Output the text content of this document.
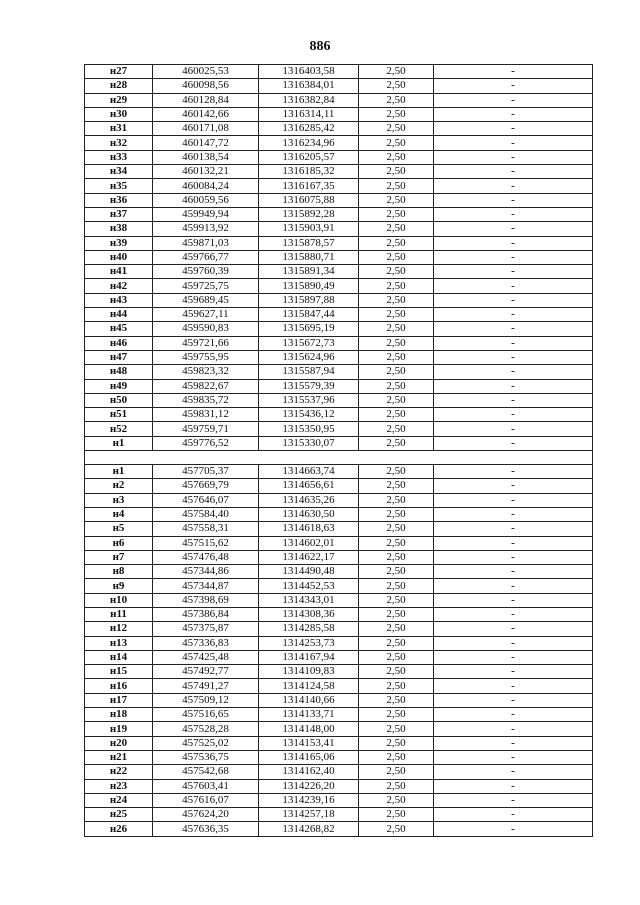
886
н27	460025,53	1316403,58	2,50	-
н28	460098,56	1316384,01	2,50	-
н29	460128,84	1316382,84	2,50	-
н30	460142,66	1316314,11	2,50	-
н31	460171,08	1316285,42	2,50	-
н32	460147,72	1316234,96	2,50	-
н33	460138,54	1316205,57	2,50	-
н34	460132,21	1316185,32	2,50	-
н35	460084,24	1316167,35	2,50	-
н36	460059,56	1316075,88	2,50	-
н37	459949,94	1315892,28	2,50	-
н38	459913,92	1315903,91	2,50	-
н39	459871,03	1315878,57	2,50	-
н40	459766,77	1315880,71	2,50	-
н41	459760,39	1315891,34	2,50	-
н42	459725,75	1315890,49	2,50	-
н43	459689,45	1315897,88	2,50	-
н44	459627,11	1315847,44	2,50	-
н45	459590,83	1315695,19	2,50	-
н46	459721,66	1315672,73	2,50	-
н47	459755,95	1315624,96	2,50	-
н48	459823,32	1315587,94	2,50	-
н49	459822,67	1315579,39	2,50	-
н50	459835,72	1315537,96	2,50	-
н51	459831,12	1315436,12	2,50	-
н52	459759,71	1315350,95	2,50	-
н1	459776,52	1315330,07	2,50	-

н1	457705,37	1314663,74	2,50	-
н2	457669,79	1314656,61	2,50	-
н3	457646,07	1314635,26	2,50	-
н4	457584,40	1314630,50	2,50	-
н5	457558,31	1314618,63	2,50	-
н6	457515,62	1314602,01	2,50	-
н7	457476,48	1314622,17	2,50	-
н8	457344,86	1314490,48	2,50	-
н9	457344,87	1314452,53	2,50	-
н10	457398,69	1314343,01	2,50	-
н11	457386,84	1314308,36	2,50	-
н12	457375,87	1314285,58	2,50	-
н13	457336,83	1314253,73	2,50	-
н14	457425,48	1314167,94	2,50	-
н15	457492,77	1314109,83	2,50	-
н16	457491,27	1314124,58	2,50	-
н17	457509,12	1314140,66	2,50	-
н18	457516,65	1314133,71	2,50	-
н19	457528,28	1314148,00	2,50	-
н20	457525,02	1314153,41	2,50	-
н21	457536,75	1314165,06	2,50	-
н22	457542,68	1314162,40	2,50	-
н23	457603,41	1314226,20	2,50	-
н24	457616,07	1314239,16	2,50	-
н25	457624,20	1314257,18	2,50	-
н26	457636,35	1314268,82	2,50	-
